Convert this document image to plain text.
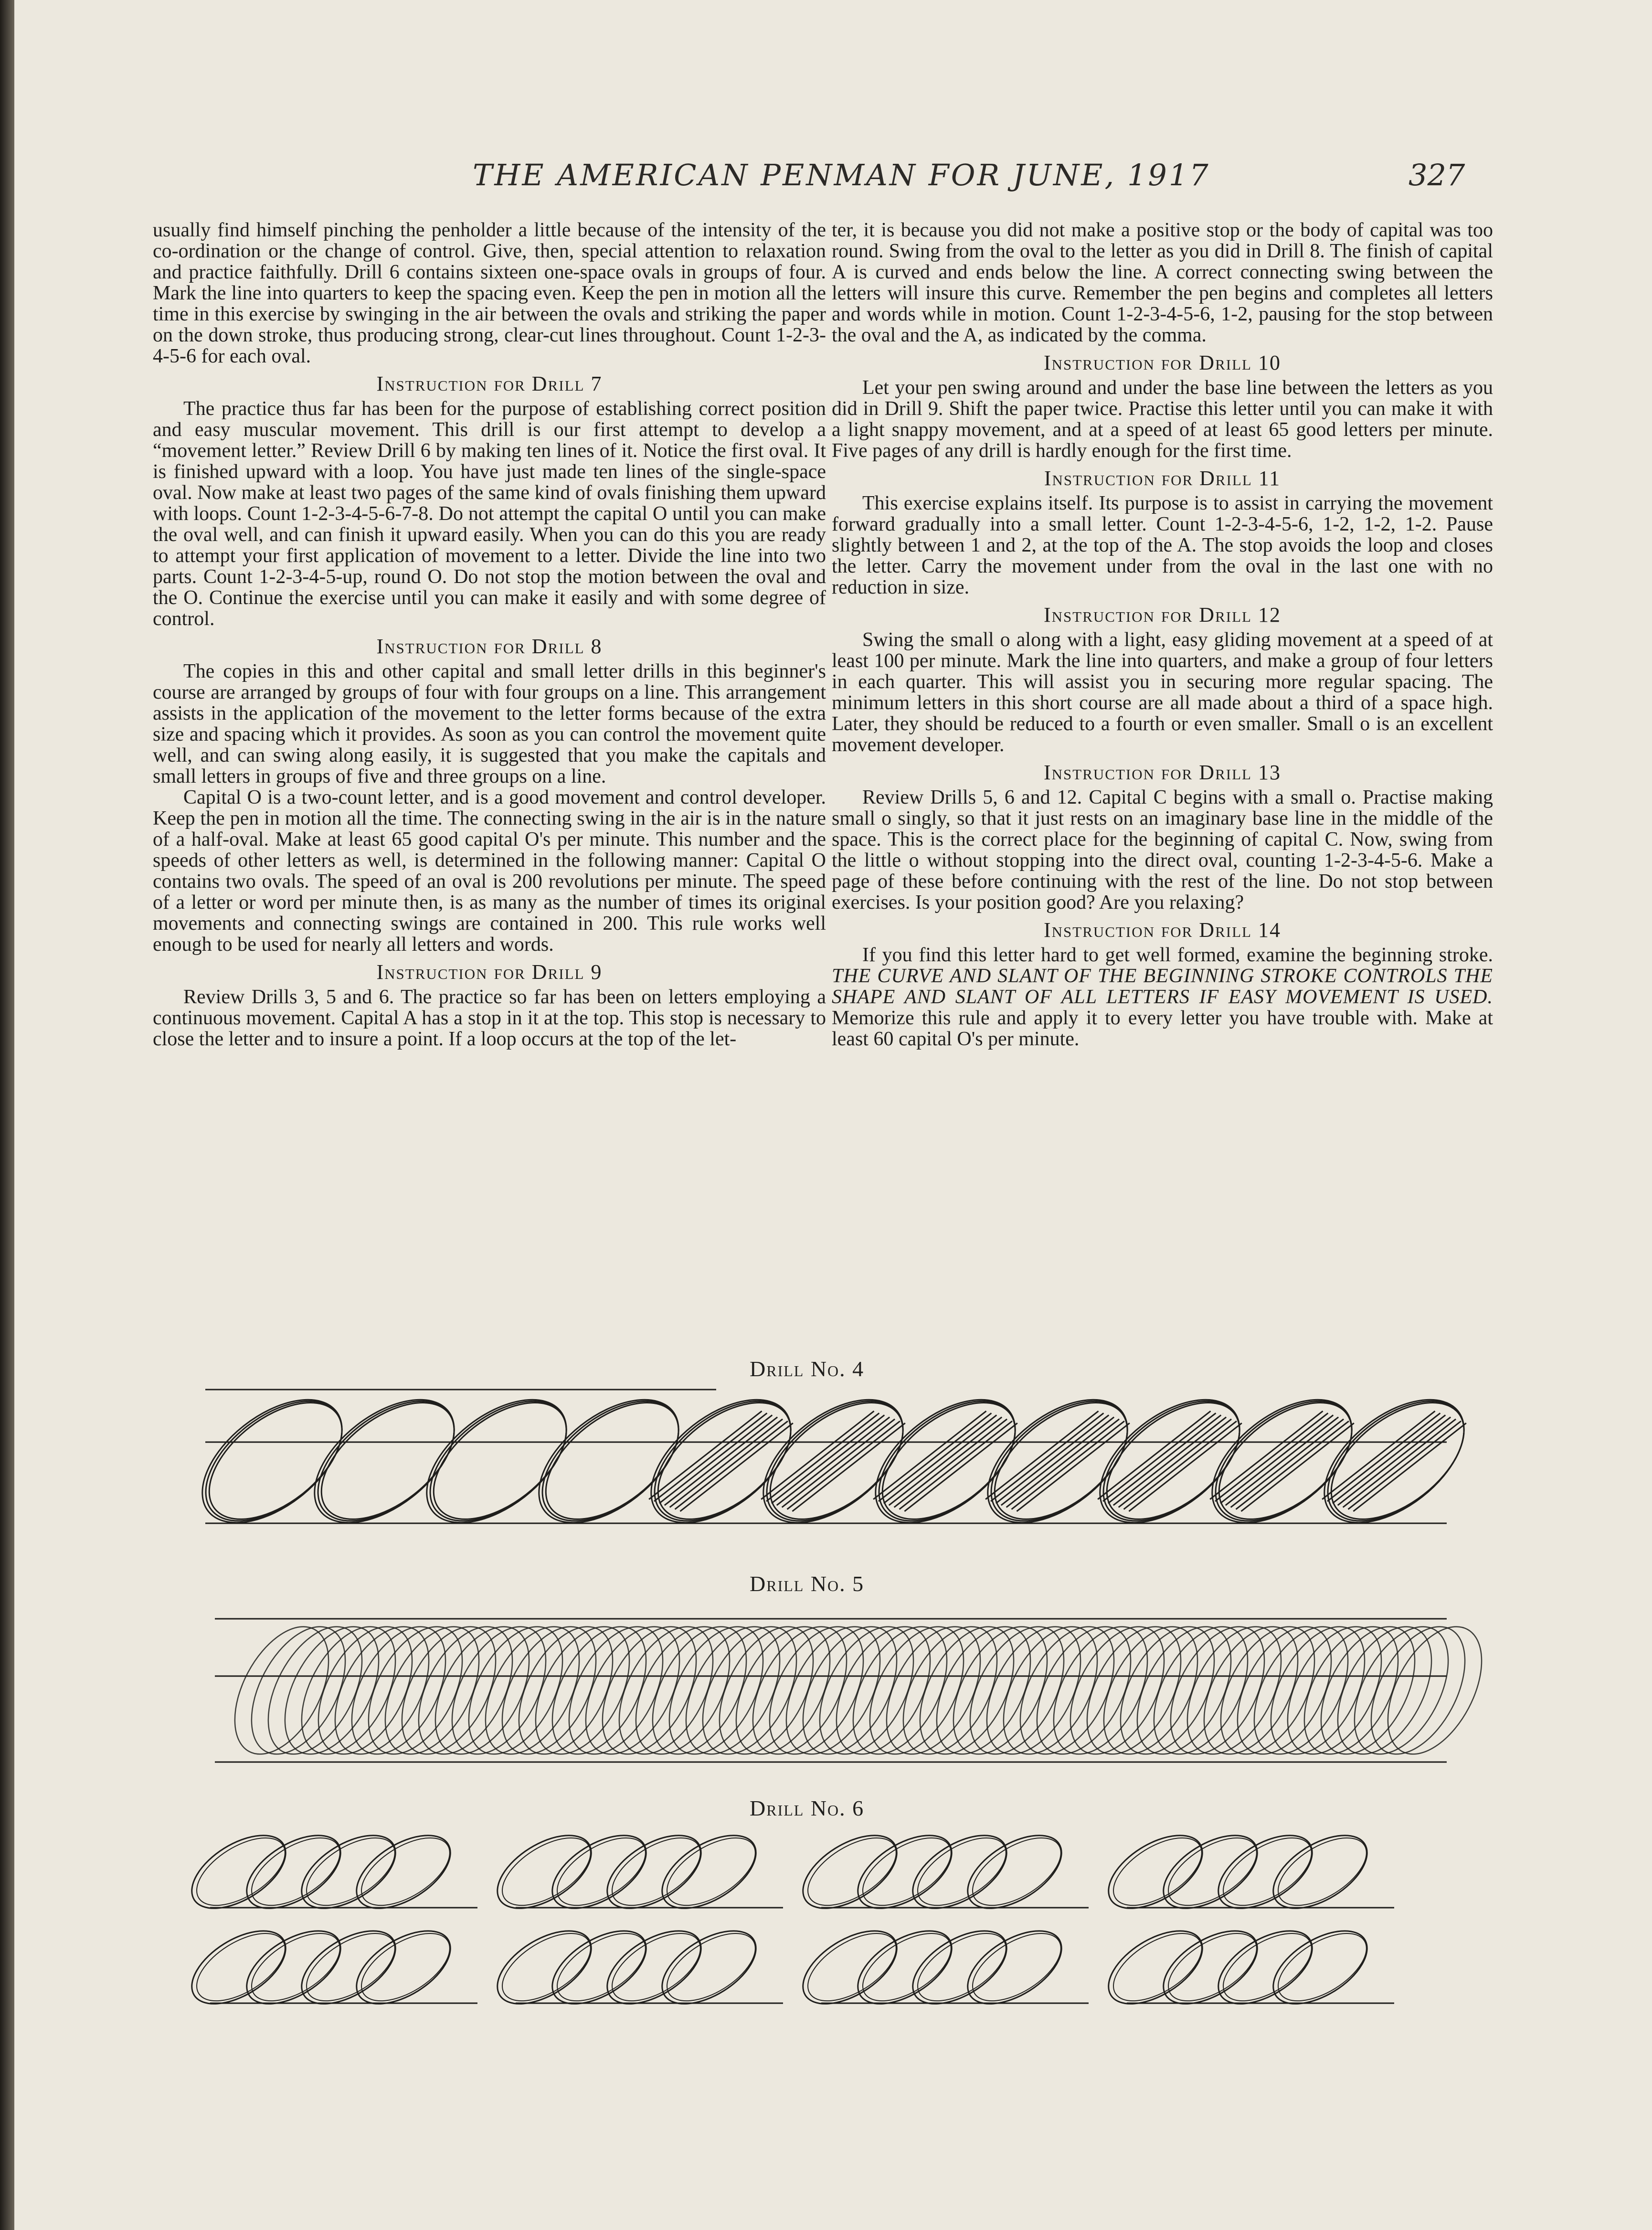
THE AMERICAN PENMAN FOR JUNE, 1917	327

usually find himself pinching the penholder a little because of the intensity of the co-ordination or the change of control. Give, then, special attention to relaxation and practice faithfully. Drill 6 contains sixteen one-space ovals in groups of four. Mark the line into quarters to keep the spacing even. Keep the pen in motion all the time in this exercise by swinging in the air between the ovals and striking the paper on the down stroke, thus producing strong, clear-cut lines throughout. Count 1-2-3-4-5-6 for each oval.

Instruction for Drill 7

The practice thus far has been for the purpose of establishing correct position and easy muscular movement. This drill is our first attempt to develop a “movement letter.” Review Drill 6 by making ten lines of it. Notice the first oval. It is finished upward with a loop. You have just made ten lines of the single-space oval. Now make at least two pages of the same kind of ovals finishing them upward with loops. Count 1-2-3-4-5-6-7-8. Do not attempt the capital O until you can make the oval well, and can finish it upward easily. When you can do this you are ready to attempt your first application of movement to a letter. Divide the line into two parts. Count 1-2-3-4-5-up, round O. Do not stop the motion between the oval and the O. Continue the exercise until you can make it easily and with some degree of control.

Instruction for Drill 8

The copies in this and other capital and small letter drills in this beginner's course are arranged by groups of four with four groups on a line. This arrangement assists in the application of the movement to the letter forms because of the extra size and spacing which it provides. As soon as you can control the movement quite well, and can swing along easily, it is suggested that you make the capitals and small letters in groups of five and three groups on a line.

Capital O is a two-count letter, and is a good movement and control developer. Keep the pen in motion all the time. The connecting swing in the air is in the nature of a half-oval. Make at least 65 good capital O's per minute. This number and the speeds of other letters as well, is determined in the following manner: Capital O contains two ovals. The speed of an oval is 200 revolutions per minute. The speed of a letter or word per minute then, is as many as the number of times its original movements and connecting swings are contained in 200. This rule works well enough to be used for nearly all letters and words.

Instruction for Drill 9

Review Drills 3, 5 and 6. The practice so far has been on letters employing a continuous movement. Capital A has a stop in it at the top. This stop is necessary to close the letter and to insure a point. If a loop occurs at the top of the let-

ter, it is because you did not make a positive stop or the body of capital was too round. Swing from the oval to the letter as you did in Drill 8. The finish of capital A is curved and ends below the line. A correct connecting swing between the letters will insure this curve. Remember the pen begins and completes all letters and words while in motion. Count 1-2-3-4-5-6, 1-2, pausing for the stop between the oval and the A, as indicated by the comma.

Instruction for Drill 10

Let your pen swing around and under the base line between the letters as you did in Drill 9. Shift the paper twice. Practise this letter until you can make it with a light snappy movement, and at a speed of at least 65 good letters per minute. Five pages of any drill is hardly enough for the first time.

Instruction for Drill 11

This exercise explains itself. Its purpose is to assist in carrying the movement forward gradually into a small letter. Count 1-2-3-4-5-6, 1-2, 1-2, 1-2. Pause slightly between 1 and 2, at the top of the A. The stop avoids the loop and closes the letter. Carry the movement under from the oval in the last one with no reduction in size.

Instruction for Drill 12

Swing the small o along with a light, easy gliding movement at a speed of at least 100 per minute. Mark the line into quarters, and make a group of four letters in each quarter. This will assist you in securing more regular spacing. The minimum letters in this short course are all made about a third of a space high. Later, they should be reduced to a fourth or even smaller. Small o is an excellent movement developer.

Instruction for Drill 13

Review Drills 5, 6 and 12. Capital C begins with a small o. Practise making small o singly, so that it just rests on an imaginary base line in the middle of the space. This is the correct place for the beginning of capital C. Now, swing from the little o without stopping into the direct oval, counting 1-2-3-4-5-6. Make a page of these before continuing with the rest of the line. Do not stop between exercises. Is your position good? Are you relaxing?

Instruction for Drill 14

If you find this letter hard to get well formed, examine the beginning stroke. THE CURVE AND SLANT OF THE BEGINNING STROKE CONTROLS THE SHAPE AND SLANT OF ALL LETTERS IF EASY MOVEMENT IS USED. Memorize this rule and apply it to every letter you have trouble with. Make at least 60 capital O's per minute.

Drill No. 4
Drill No. 5
Drill No. 6
